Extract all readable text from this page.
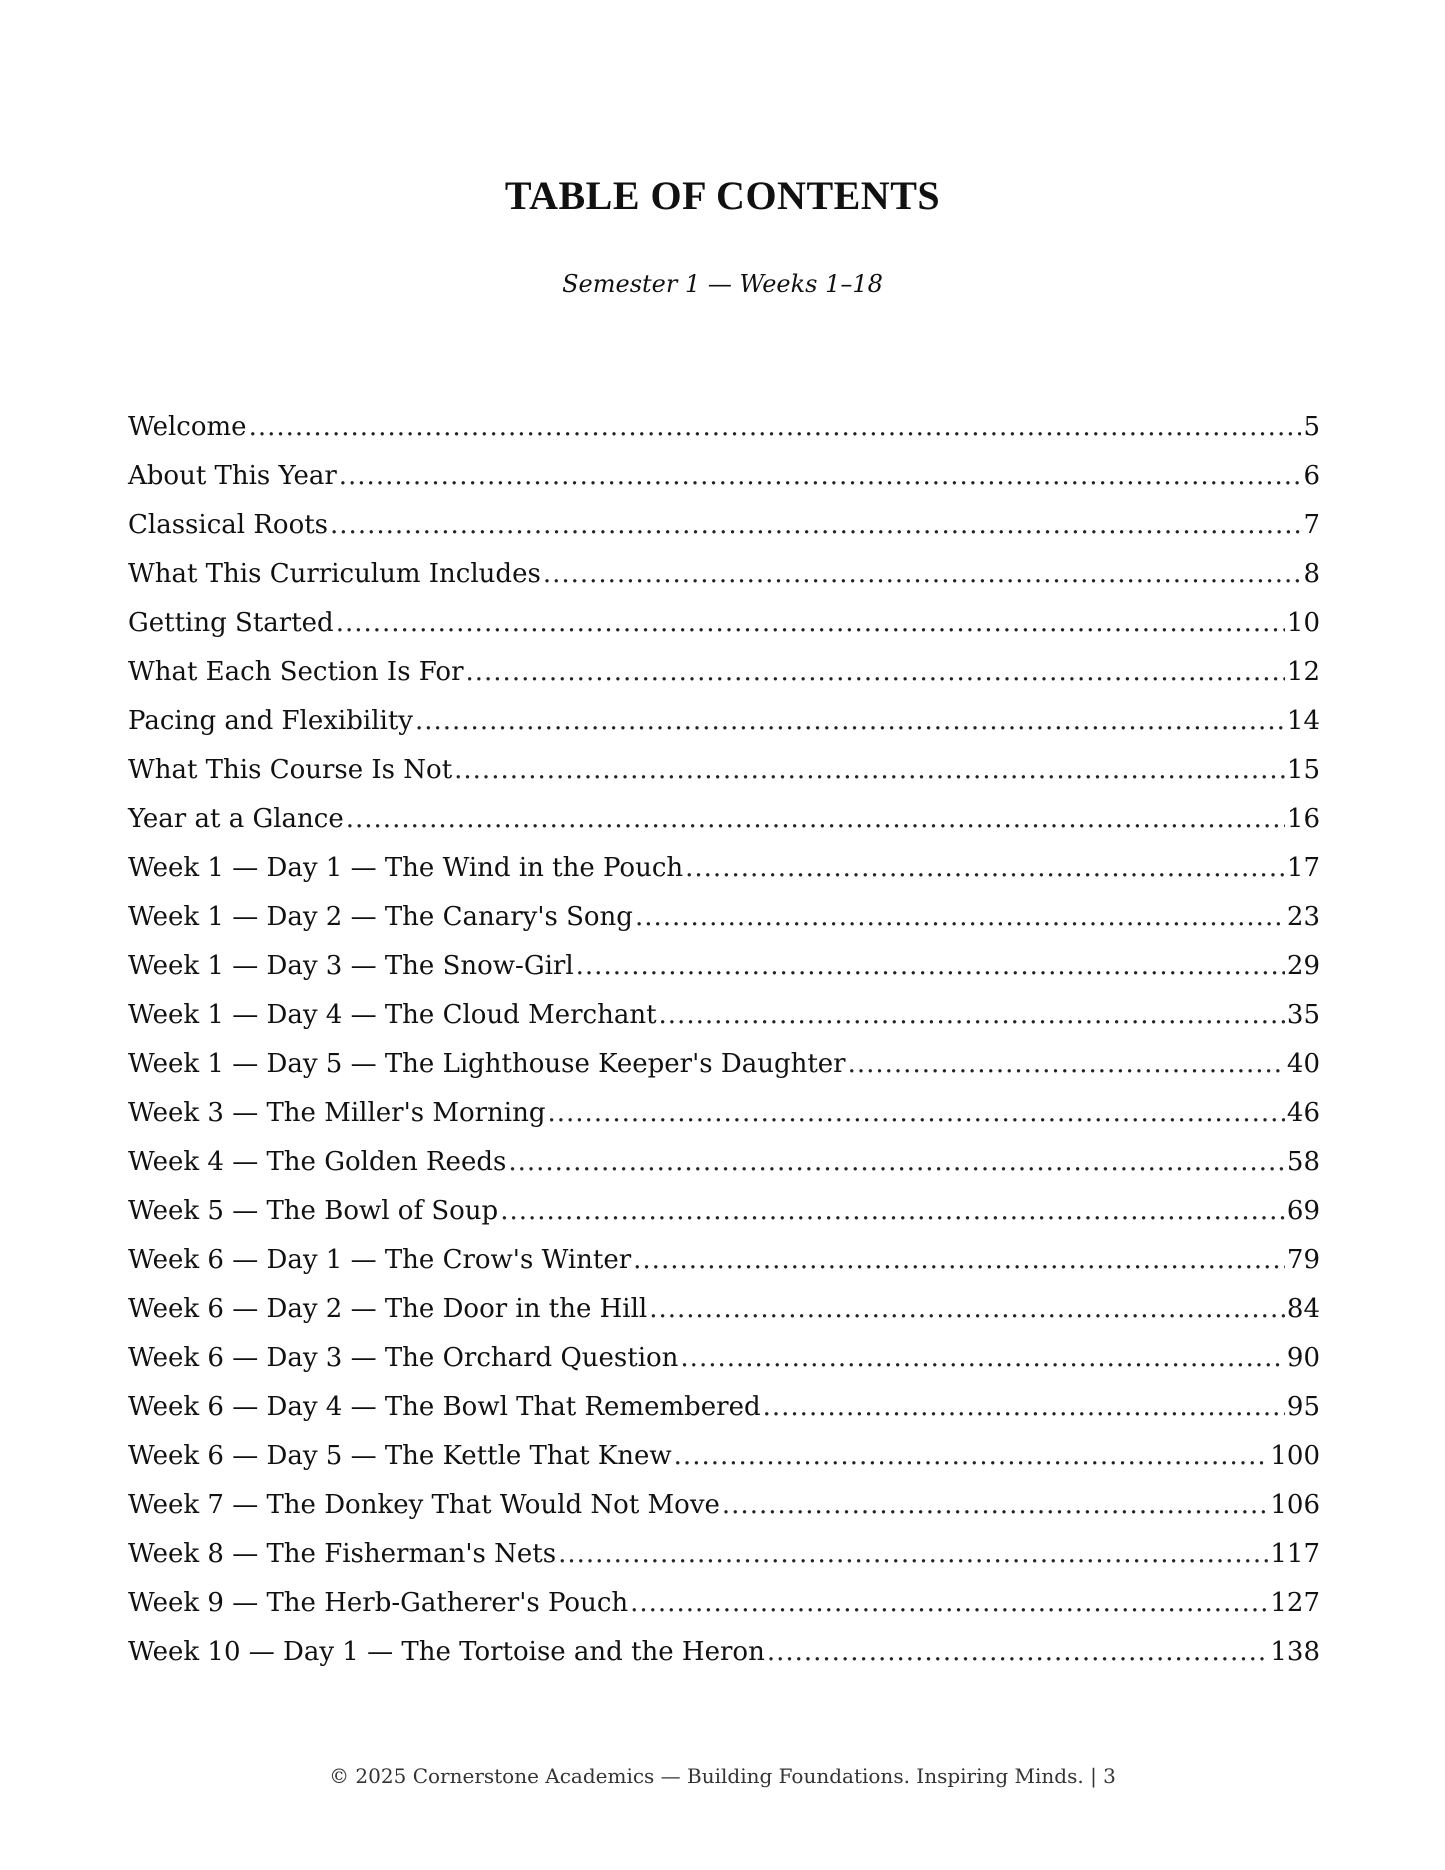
TABLE OF CONTENTS

Semester 1 — Weeks 1–18

Welcome .....	5
About This Year .....	6
Classical Roots .....	7
What This Curriculum Includes .....	8
Getting Started .....	10
What Each Section Is For .....	12
Pacing and Flexibility .....	14
What This Course Is Not .....	15
Year at a Glance .....	16
Week 1 — Day 1 — The Wind in the Pouch .....	17
Week 1 — Day 2 — The Canary's Song .....	23
Week 1 — Day 3 — The Snow-Girl .....	29
Week 1 — Day 4 — The Cloud Merchant .....	35
Week 1 — Day 5 — The Lighthouse Keeper's Daughter .....	40
Week 3 — The Miller's Morning .....	46
Week 4 — The Golden Reeds .....	58
Week 5 — The Bowl of Soup .....	69
Week 6 — Day 1 — The Crow's Winter .....	79
Week 6 — Day 2 — The Door in the Hill .....	84
Week 6 — Day 3 — The Orchard Question .....	90
Week 6 — Day 4 — The Bowl That Remembered .....	95
Week 6 — Day 5 — The Kettle That Knew .....	100
Week 7 — The Donkey That Would Not Move .....	106
Week 8 — The Fisherman's Nets .....	117
Week 9 — The Herb-Gatherer's Pouch .....	127
Week 10 — Day 1 — The Tortoise and the Heron .....	138

© 2025 Cornerstone Academics — Building Foundations. Inspiring Minds. | 3
